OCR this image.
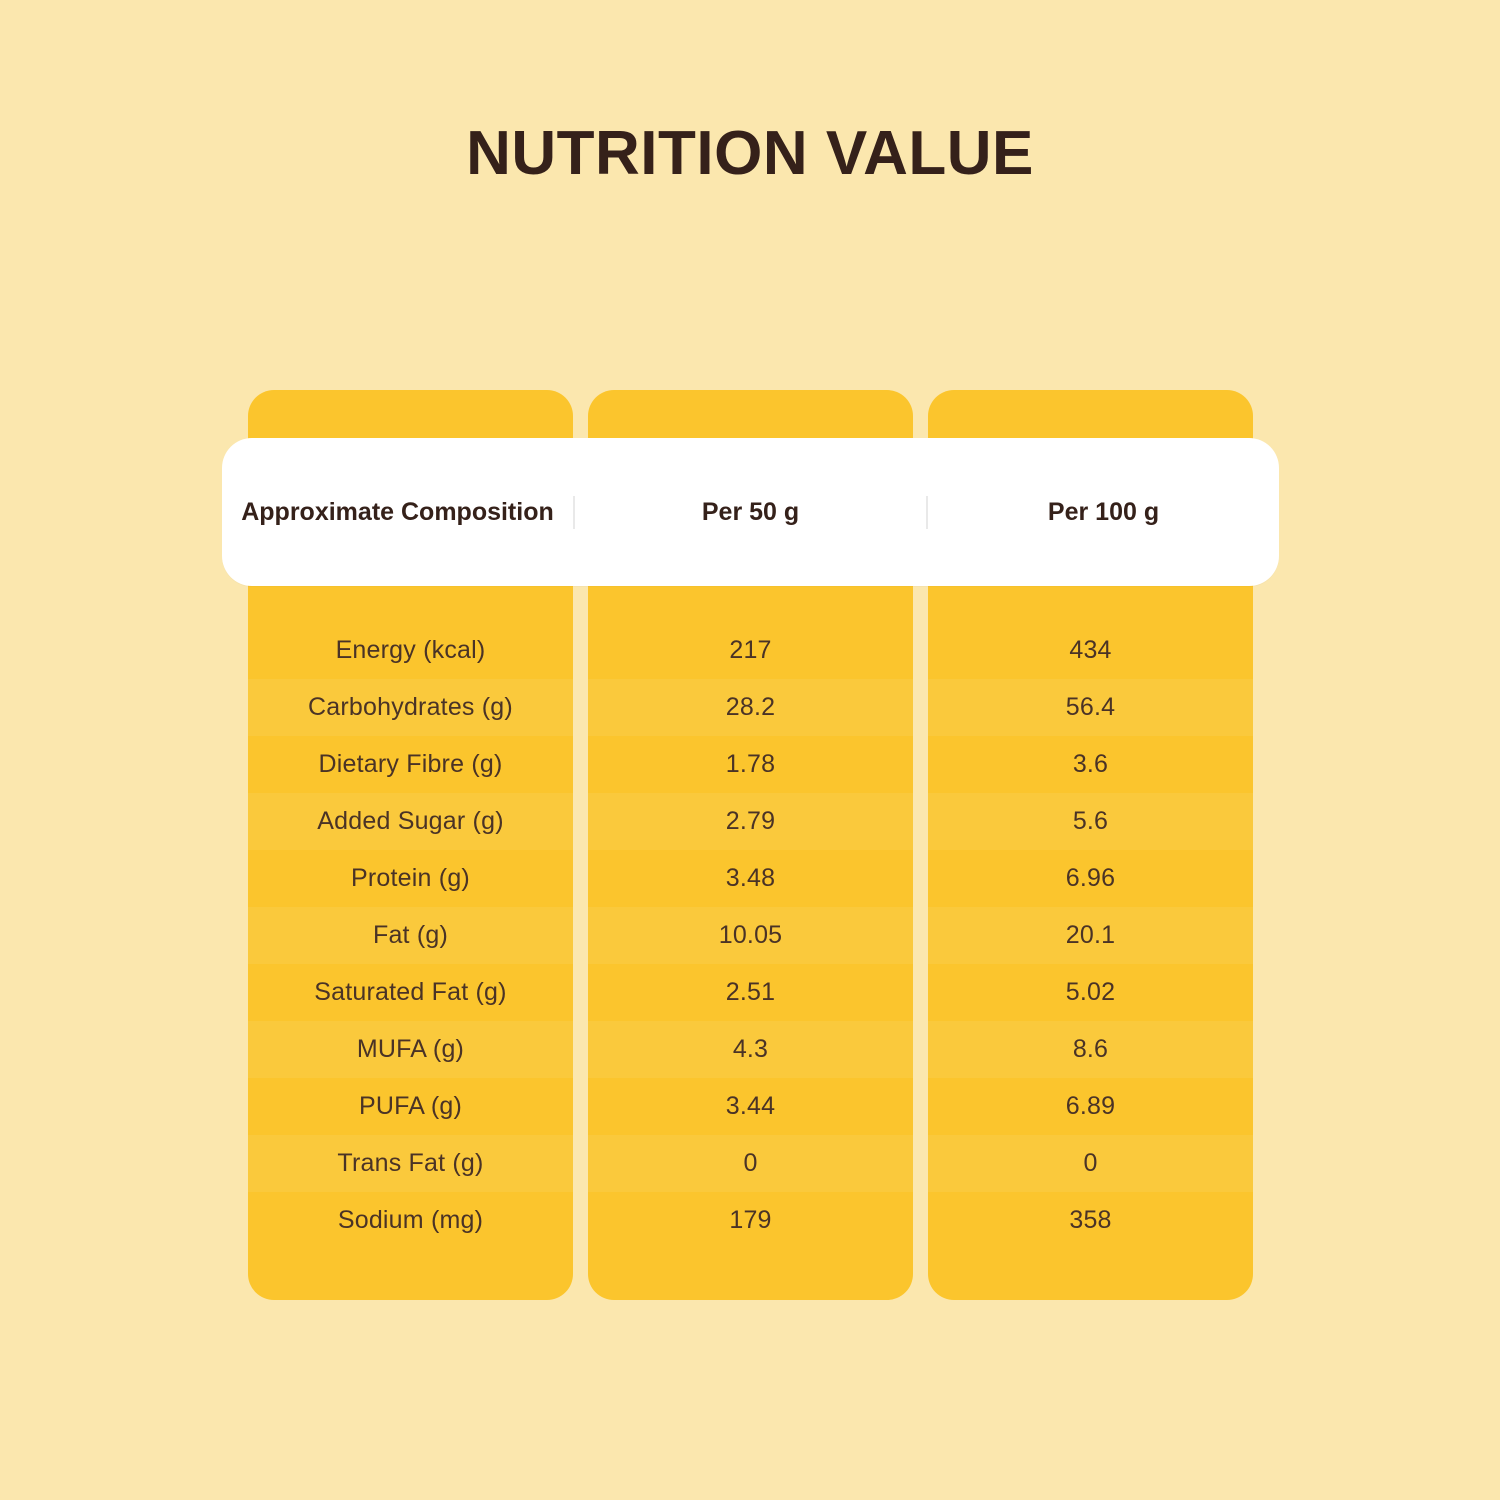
NUTRITION VALUE
Approximate Composition	Per 50 g	Per 100 g
Energy (kcal)	217	434
Carbohydrates (g)	28.2	56.4
Dietary Fibre (g)	1.78	3.6
Added Sugar (g)	2.79	5.6
Protein (g)	3.48	6.96
Fat (g)	10.05	20.1
Saturated Fat (g)	2.51	5.02
MUFA (g)	4.3	8.6
PUFA (g)	3.44	6.89
Trans Fat (g)	0	0
Sodium (mg)	179	358
